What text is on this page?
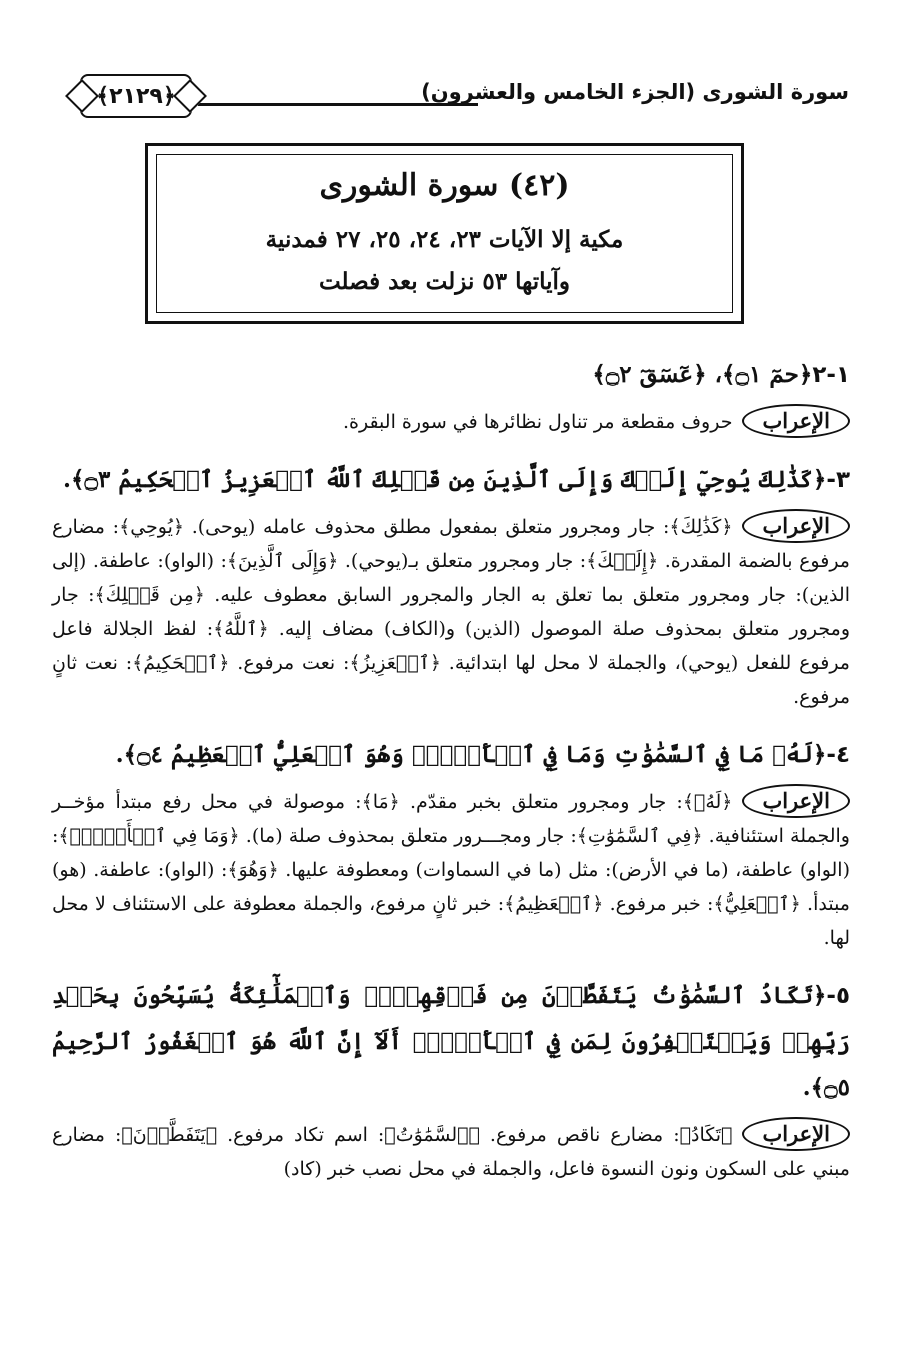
سورة الشورى (الجزء الخامس والعشرون)
﴿٢١٢٩﴾
(٤٢) سورة الشورى
مكية إلا الآيات ٢٣، ٢٤، ٢٥، ٢٧ فمدنية
وآياتها ٥٣ نزلت بعد فصلت

١-٢﴿حمٓ ۝١﴾، ﴿عٓسٓقٓ ۝٢﴾

الإعرابحروف مقطعة مر تناول نظائرها في سورة البقرة.

٣-﴿كَذَٰلِكَ يُوحِيٓ إِلَيۡكَ وَإِلَى ٱلَّذِينَ مِن قَبۡلِكَ ٱللَّهُ ٱلۡعَزِيزُ ٱلۡحَكِيمُ ۝٣﴾.

الإعراب﴿كَذَٰلِكَ﴾: جار ومجرور متعلق بمفعول مطلق محذوف عامله (يوحى). ﴿يُوحِي﴾: مضارع مرفوع بالضمة المقدرة. ﴿إِلَيۡكَ﴾: جار ومجرور متعلق بـ(يوحي). ﴿وَإِلَى ٱلَّذِينَ﴾: (الواو): عاطفة. (إلى الذين): جار ومجرور متعلق بما تعلق به الجار والمجرور السابق معطوف عليه. ﴿مِن قَبۡلِكَ﴾: جار ومجرور متعلق بمحذوف صلة الموصول (الذين) و(الكاف) مضاف إليه. ﴿ٱللَّهُ﴾: لفظ الجلالة فاعل مرفوع للفعل (يوحي)، والجملة لا محل لها ابتدائية. ﴿ٱلۡعَزِيزُ﴾: نعت مرفوع. ﴿ٱلۡحَكِيمُ﴾: نعت ثانٍ مرفوع.

٤-﴿لَهُۥ مَا فِي ٱلسَّمَٰوَٰتِ وَمَا فِي ٱلۡأَرۡضِۖ وَهُوَ ٱلۡعَلِيُّ ٱلۡعَظِيمُ ۝٤﴾.

الإعراب﴿لَهُۥ﴾: جار ومجرور متعلق بخبر مقدّم. ﴿مَا﴾: موصولة في محل رفع مبتدأ مؤخــر والجملة استئنافية. ﴿فِي ٱلسَّمَٰوَٰتِ﴾: جار ومجـــرور متعلق بمحذوف صلة (ما). ﴿وَمَا فِي ٱلۡأَرۡضِۖ﴾: (الواو) عاطفة، (ما في الأرض): مثل (ما في السماوات) ومعطوفة عليها. ﴿وَهُوَ﴾: (الواو): عاطفة. (هو) مبتدأ. ﴿ٱلۡعَلِيُّ﴾: خبر مرفوع. ﴿ٱلۡعَظِيمُ﴾: خبر ثانٍ مرفوع، والجملة معطوفة على الاستئناف لا محل لها.

٥-﴿تَكَادُ ٱلسَّمَٰوَٰتُ يَتَفَطَّرۡنَ مِن فَوۡقِهِنَّۚ وَٱلۡمَلَٰٓئِكَةُ يُسَبِّحُونَ بِحَمۡدِ رَبِّهِمۡ وَيَسۡتَغۡفِرُونَ لِمَن فِي ٱلۡأَرۡضِۗ أَلَآ إِنَّ ٱللَّهَ هُوَ ٱلۡغَفُورُ ٱلرَّحِيمُ ۝٥﴾.

الإعراب﴿تَكَادُ﴾: مضارع ناقص مرفوع. ﴿ٱلسَّمَٰوَٰتُ﴾: اسم تكاد مرفوع. ﴿يَتَفَطَّرۡنَ﴾: مضارع مبني على السكون ونون النسوة فاعل، والجملة في محل نصب خبر (كاد)
